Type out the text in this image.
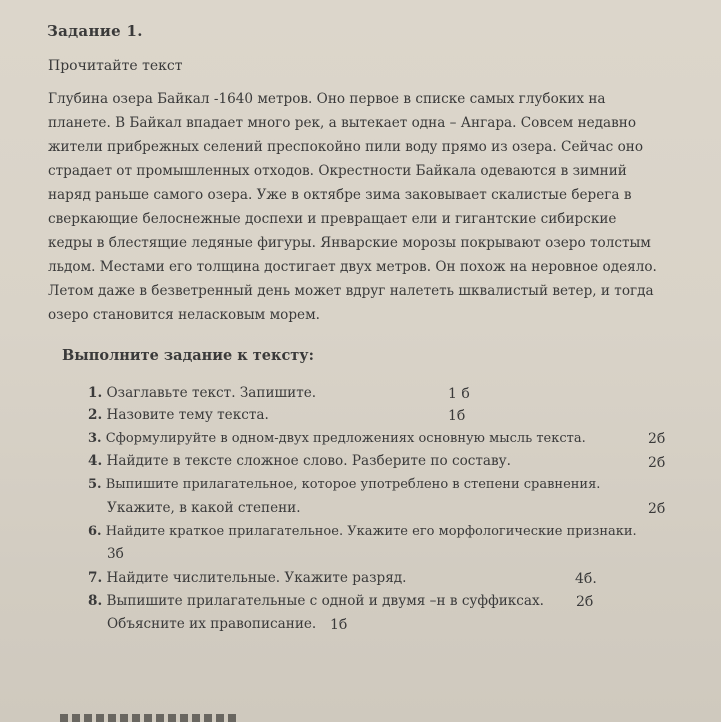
Задание 1.
Прочитайте текст
Глубина озера Байкал -1640 метров. Оно первое в списке самых глубоких на
планете. В Байкал впадает много рек, а вытекает одна – Ангара. Совсем недавно
жители прибрежных селений преспокойно пили воду прямо из озера. Сейчас оно
страдает от промышленных отходов. Окрестности Байкала одеваются в зимний
наряд раньше самого озера. Уже в октябре зима заковывает скалистые берега в
сверкающие белоснежные доспехи и превращает ели и гигантские сибирские
кедры в блестящие ледяные фигуры. Январские морозы покрывают озеро толстым
льдом. Местами его толщина достигает двух метров. Он похож на неровное одеяло.
Летом даже в безветренный день может вдруг налететь шквалистый ветер, и тогда
озеро становится неласковым морем.
Выполните задание к тексту:
1. Озаглавьте текст. Запишите.	1 б
2. Назовите тему текста.	1б
3. Сформулируйте в одном-двух предложениях основную мысль текста.	2б
4. Найдите в тексте сложное слово. Разберите по составу.	2б
5. Выпишите прилагательное, которое употреблено в степени сравнения.
Укажите, в какой степени.	2б
6. Найдите краткое прилагательное. Укажите его морфологические признаки.
3б
7. Найдите числительные. Укажите разряд.	4б.
8. Выпишите прилагательные с одной и двумя –н в суффиксах. 2б
Объясните их правописание. 1б
